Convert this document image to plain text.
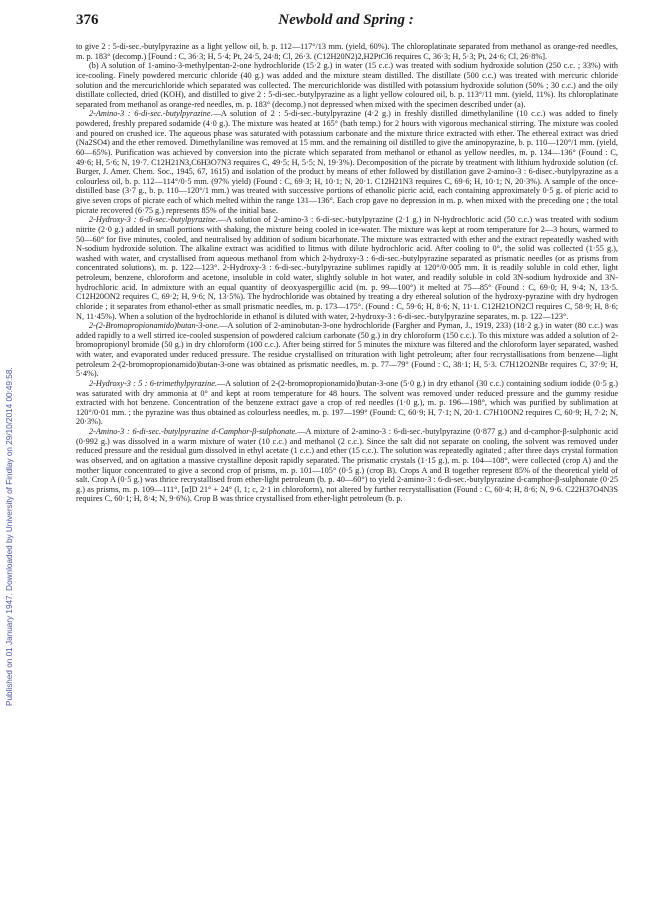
Published on 01 January 1947. Downloaded by University of Findlay on 29/10/2014 00:49:58.
376	Newbold and Spring :

to give 2 : 5-di-sec.-butylpyrazine as a light yellow oil, b. p. 112—117°/13 mm. (yield, 60%). The chloroplatinate separated from methanol as orange-red needles, m. p. 183° (decomp.) [Found : C, 36·3; H, 5·4; Pt, 24·5, 24·8; Cl, 26·3. (C12H20N2)2,H2PtCl6 requires C, 36·3; H, 5·3; Pt, 24·6; Cl, 26·8%].

(b) A solution of 1-amino-3-methylpentan-2-one hydrochloride (15·2 g.) in water (15 c.c.) was treated with sodium hydroxide solution (250 c.c. ; 33%) with ice-cooling. Finely powdered mercuric chloride (40 g.) was added and the mixture steam distilled. The distillate (500 c.c.) was treated with mercuric chloride solution and the mercurichloride which separated was collected. The mercurichloride was distilled with potassium hydroxide solution (50% ; 30 c.c.) and the oily distillate collected, dried (KOH), and distilled to give 2 : 5-di-sec.-butylpyrazine as a light yellow coloured oil, b. p. 113°/11 mm. (yield, 11%). Its chloroplatinate separated from methanol as orange-red needles, m. p. 183° (decomp.) not depressed when mixed with the specimen described under (a).

2-Amino-3 : 6-di-sec.-butylpyrazine.—A solution of 2 : 5-di-sec.-butylpyrazine (4·2 g.) in freshly distilled dimethylaniline (10 c.c.) was added to finely powdered, freshly prepared sodamide (4·0 g.). The mixture was heated at 165° (bath temp.) for 2 hours with vigorous mechanical stirring. The mixture was cooled and poured on crushed ice. The aqueous phase was saturated with potassium carbonate and the mixture thrice extracted with ether. The ethereal extract was dried (Na2SO4) and the ether removed. Dimethylaniline was removed at 15 mm. and the remaining oil distilled to give the aminopyrazine, b. p. 110—120°/1 mm. (yield, 60—65%). Purification was achieved by conversion into the picrate which separated from methanol or ethanol as yellow needles, m. p. 134—136° (Found : C, 49·6; H, 5·6; N, 19·7. C12H21N3,C6H3O7N3 requires C, 49·5; H, 5·5; N, 19·3%). Decomposition of the picrate by treatment with lithium hydroxide solution (cf. Burger, J. Amer. Chem. Soc., 1945, 67, 1615) and isolation of the product by means of ether followed by distillation gave 2-amino-3 : 6-disec.-butylpyrazine as a colourless oil, b. p. 112—114°/0·5 mm. (97% yield) (Found : C, 69·3; H, 10·1; N, 20·1. C12H21N3 requires C, 69·6; H, 10·1; N, 20·3%). A sample of the once-distilled base (3·7 g., b. p. 110—120°/1 mm.) was treated with successive portions of ethanolic picric acid, each containing approximately 0·5 g. of picric acid to give seven crops of picrate each of which melted within the range 131—136°. Each crop gave no depression in m. p. when mixed with the preceding one ; the total picrate recovered (6·75 g.) represents 85% of the initial base.

2-Hydroxy-3 : 6-di-sec.-butylpyrazine.—A solution of 2-amino-3 : 6-di-sec.-butylpyrazine (2·1 g.) in N-hydrochloric acid (50 c.c.) was treated with sodium nitrite (2·0 g.) added in small portions with shaking, the mixture being cooled in ice-water. The mixture was kept at room temperature for 2—3 hours, warmed to 50—60° for five minutes, cooled, and neutralised by addition of sodium bicarbonate. The mixture was extracted with ether and the extract repeatedly washed with N-sodium hydroxide solution. The alkaline extract was acidified to litmus with dilute hydrochloric acid. After cooling to 0°, the solid was collected (1·55 g.), washed with water, and crystallised from aqueous methanol from which 2-hydroxy-3 : 6-di-sec.-butylpyrazine separated as prismatic needles (or as prisms from concentrated solutions), m. p. 122—123°. 2-Hydroxy-3 : 6-di-sec.-butylpyrazine sublimes rapidly at 120°/0·005 mm. It is readily soluble in cold ether, light petroleum, benzene, chloroform and acetone, insoluble in cold water, slightly soluble in hot water, and readily soluble in cold 3N-sodium hydroxide and 3N-hydrochloric acid. In admixture with an equal quantity of deoxyaspergillic acid (m. p. 99—100°) it melted at 75—85° (Found : C, 69·0; H, 9·4; N, 13·5. C12H20ON2 requires C, 69·2; H, 9·6; N, 13·5%). The hydrochloride was obtained by treating a dry ethereal solution of the hydroxy-pyrazine with dry hydrogen chloride ; it separates from ethanol-ether as small prismatic needles, m. p. 173—175°. (Found : C, 59·6; H, 8·6; N, 11·1. C12H21ON2Cl requires C, 58·9; H, 8·6; N, 11·45%). When a solution of the hydrochloride in ethanol is diluted with water, 2-hydroxy-3 : 6-di-sec.-butylpyrazine separates, m. p. 122—123°.

2-(2-Bromopropionamido)butan-3-one.—A solution of 2-aminobutan-3-one hydrochloride (Fargher and Pyman, J., 1919, 233) (18·2 g.) in water (80 c.c.) was added rapidly to a well stirred ice-cooled suspension of powdered calcium carbonate (50 g.) in dry chloroform (150 c.c.). To this mixture was added a solution of 2-bromopropionyl bromide (50 g.) in dry chloroform (100 c.c.). After being stirred for 5 minutes the mixture was filtered and the chloroform layer separated, washed with water, and evaporated under reduced pressure. The residue crystallised on trituration with light petroleum; after four recrystallisations from benzene—light petroleum 2-(2-bromopropionamido)butan-3-one was obtained as prismatic needles, m. p. 77—79° (Found : C, 38·1; H, 5·3. C7H12O2NBr requires C, 37·9; H, 5·4%).

2-Hydroxy-3 : 5 : 6-trimethylpyrazine.—A solution of 2-(2-bromopropionamido)butan-3-one (5·0 g.) in dry ethanol (30 c.c.) containing sodium iodide (0·5 g.) was saturated with dry ammonia at 0° and kept at room temperature for 48 hours. The solvent was removed under reduced pressure and the gummy residue extracted with hot benzene. Concentration of the benzene extract gave a crop of red needles (1·0 g.), m. p. 196—198°, which was purified by sublimation at 120°/0·01 mm. ; the pyrazine was thus obtained as colourless needles, m. p. 197—199° (Found: C, 60·9; H, 7·1; N, 20·1. C7H10ON2 requires C, 60·9; H, 7·2; N, 20·3%).

2-Amino-3 : 6-di-sec.-butylpyrazine d-Camphor-β-sulphonate.—A mixture of 2-amino-3 : 6-di-sec.-butylpyrazine (0·877 g.) and d-camphor-β-sulphonic acid (0·992 g.) was dissolved in a warm mixture of water (10 c.c.) and methanol (2 c.c.). Since the salt did not separate on cooling, the solvent was removed under reduced pressure and the residual gum dissolved in ethyl acetate (1 c.c.) and ether (15 c.c.). The solution was repeatedly agitated ; after three days crystal formation was observed, and on agitation a massive crystalline deposit rapidly separated. The prismatic crystals (1·15 g.), m. p. 104—108°, were collected (crop A) and the mother liquor concentrated to give a second crop of prisms, m. p. 101—105° (0·5 g.) (crop B). Crops A and B together represent 85% of the theoretical yield of salt. Crop A (0·5 g.) was thrice recrystallised from ether-light petroleum (b. p. 40—60°) to yield 2-amino-3 : 6-di-sec.-butylpyrazine d-camphor-β-sulphonate (0·25 g.) as prisms, m. p. 109—111°, [α]D 21° + 24° (l, 1; c, 2·1 in chloroform), not altered by further recrystallisation (Found : C, 60·4; H, 8·6; N, 9·6. C22H37O4N3S requires C, 60·1; H, 8·4; N, 9·6%). Crop B was thrice crystallised from ether-light petroleum (b. p.
